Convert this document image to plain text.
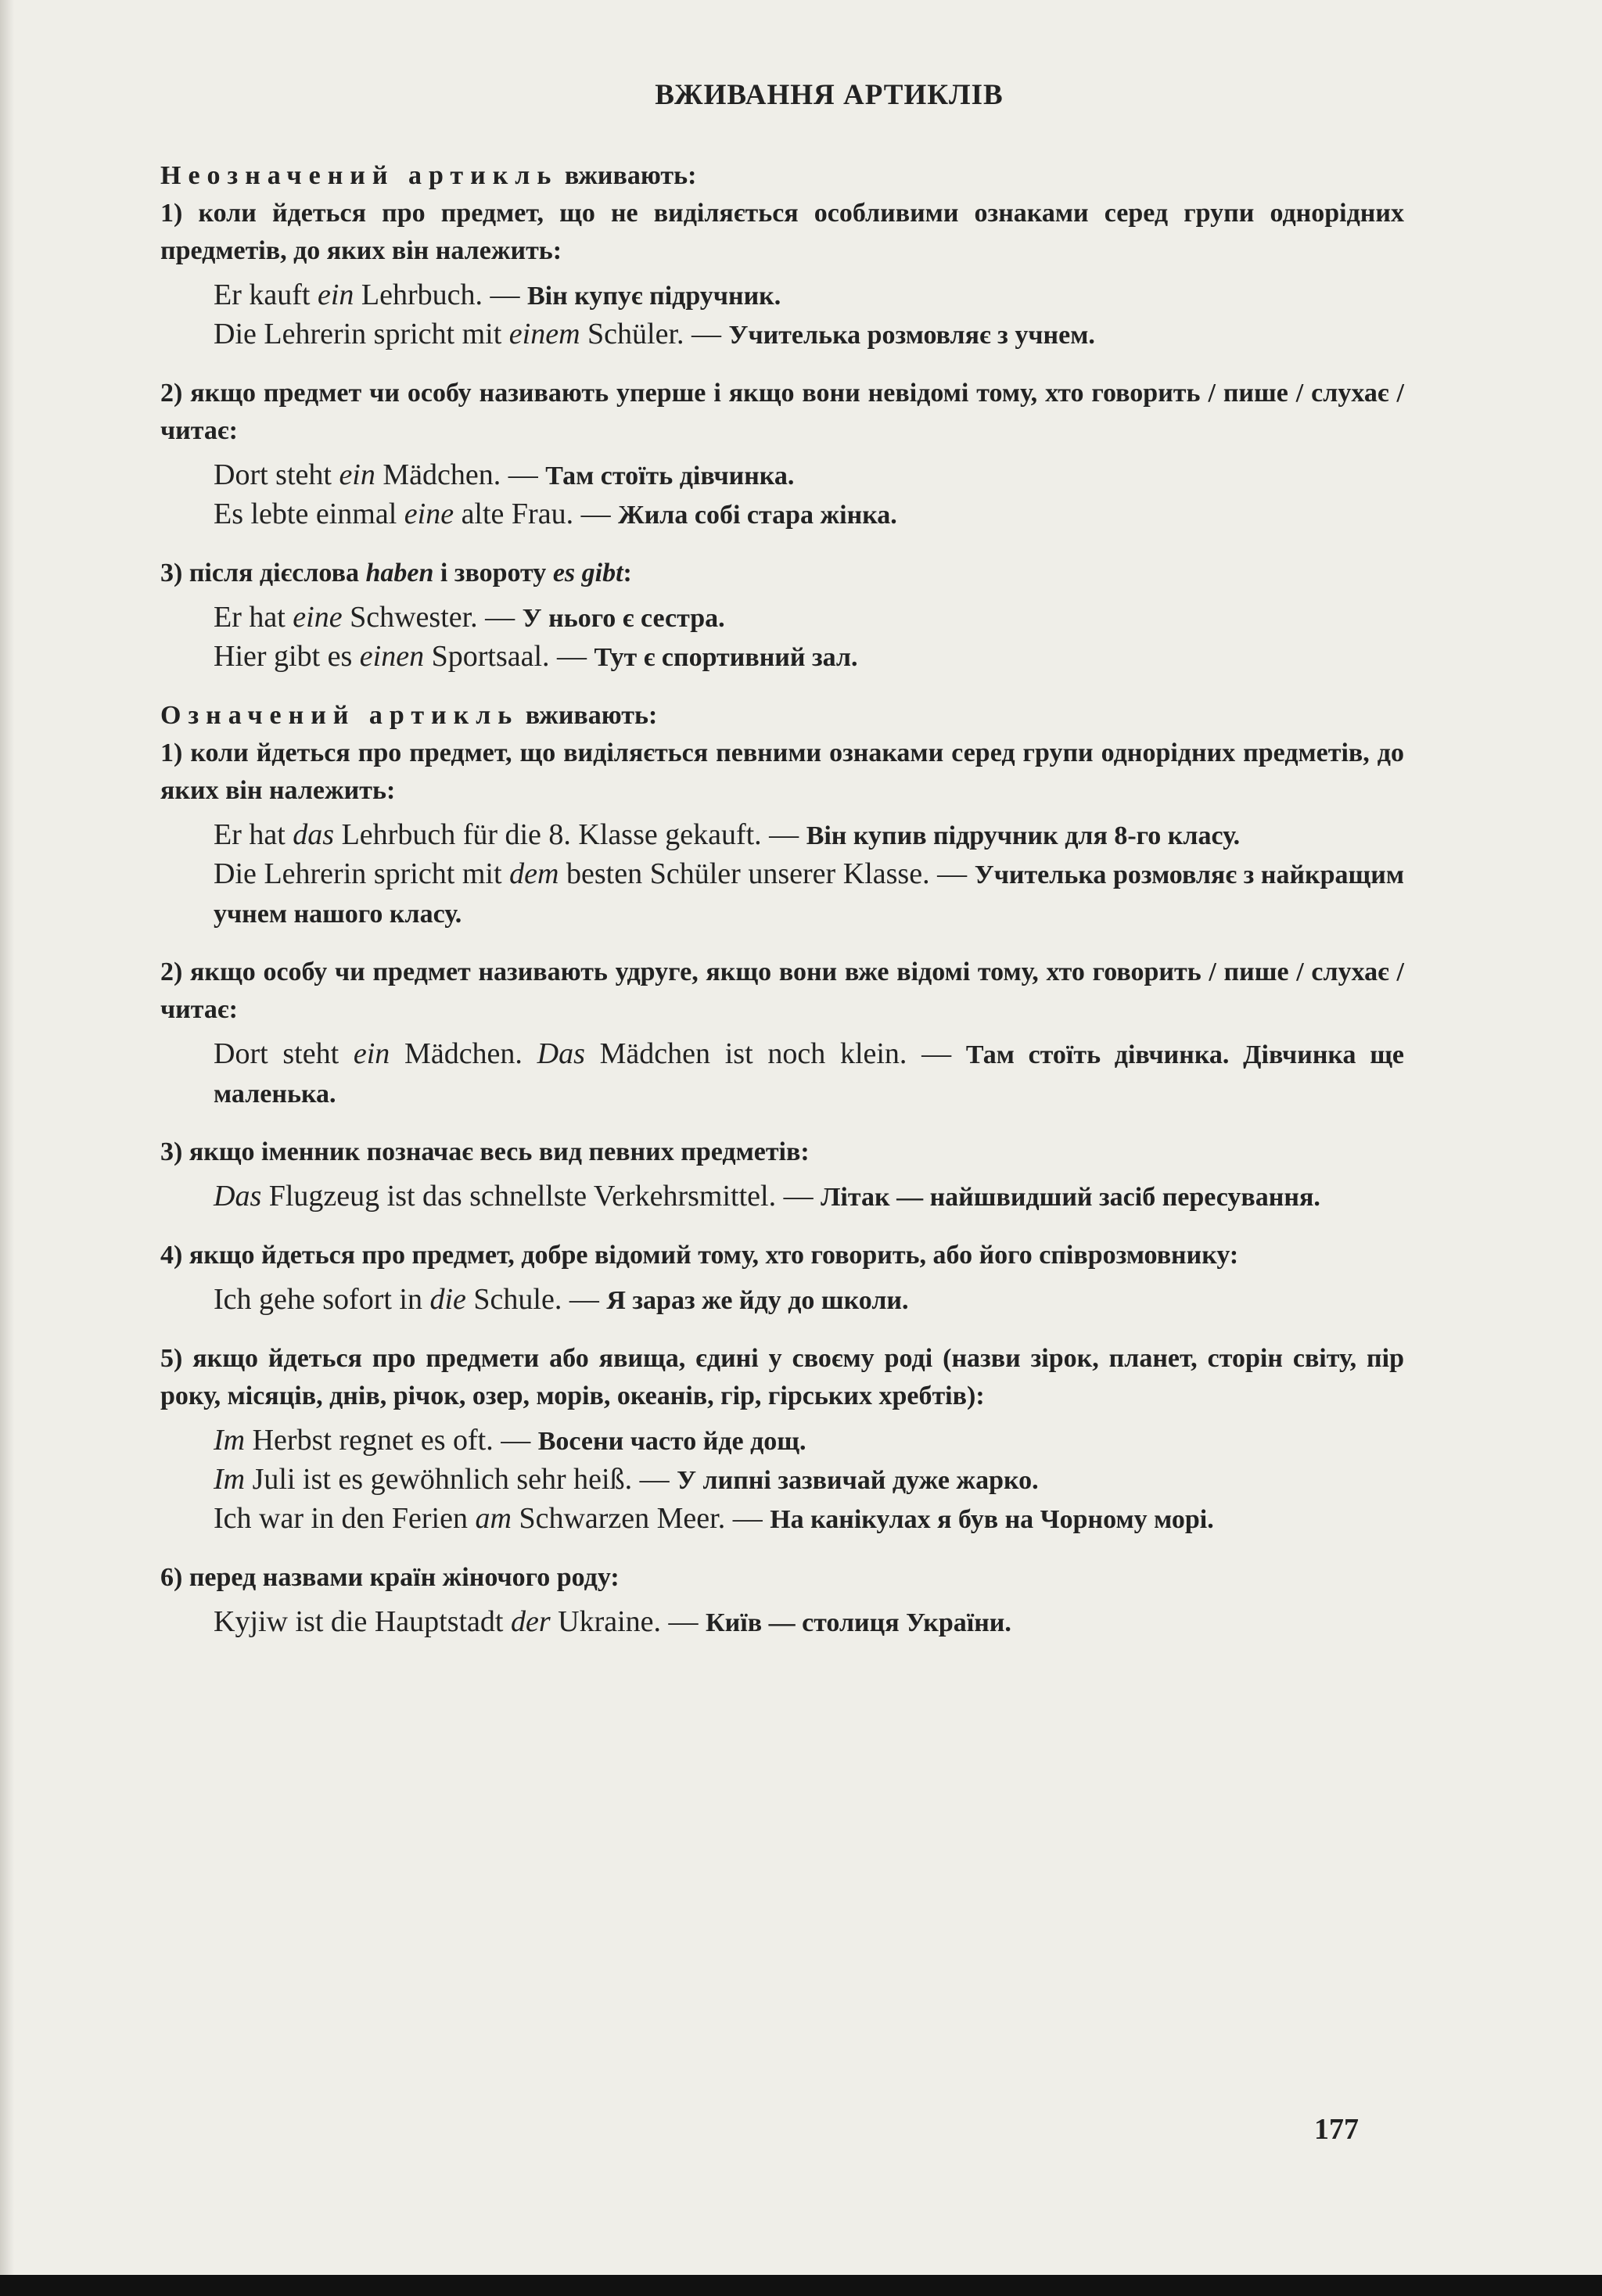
ВЖИВАННЯ АРТИКЛІВ

Неозначений артикль вживають:

1) коли йдеться про предмет, що не виділяється особливими ознаками серед групи однорідних предметів, до яких він належить:

Er kauft ein Lehrbuch. — Він купує підручник.

Die Lehrerin spricht mit einem Schüler. — Учителька розмовляє з учнем.

2) якщо предмет чи особу називають уперше і якщо вони невідомі тому, хто говорить / пише / слухає / читає:

Dort steht ein Mädchen. — Там стоїть дівчинка.

Es lebte einmal eine alte Frau. — Жила собі стара жінка.

3) після дієслова haben і звороту es gibt:

Er hat eine Schwester. — У нього є сестра.

Hier gibt es einen Sportsaal. — Тут є спортивний зал.

Означений артикль вживають:

1) коли йдеться про предмет, що виділяється певними ознаками серед групи однорідних предметів, до яких він належить:

Er hat das Lehrbuch für die 8. Klasse gekauft. — Він купив підручник для 8-го класу.

Die Lehrerin spricht mit dem besten Schüler unserer Klasse. — Учителька розмовляє з найкращим учнем нашого класу.

2) якщо особу чи предмет називають удруге, якщо вони вже відомі тому, хто говорить / пише / слухає / читає:

Dort steht ein Mädchen. Das Mädchen ist noch klein. — Там стоїть дівчинка. Дівчинка ще маленька.

3) якщо іменник позначає весь вид певних предметів:

Das Flugzeug ist das schnellste Verkehrsmittel. — Літак — найшвидший засіб пересування.

4) якщо йдеться про предмет, добре відомий тому, хто говорить, або його співрозмовнику:

Ich gehe sofort in die Schule. — Я зараз же йду до школи.

5) якщо йдеться про предмети або явища, єдині у своєму роді (назви зірок, планет, сторін світу, пір року, місяців, днів, річок, озер, морів, океанів, гір, гірських хребтів):

Im Herbst regnet es oft. — Восени часто йде дощ.

Im Juli ist es gewöhnlich sehr heiß. — У липні зазвичай дуже жарко.

Ich war in den Ferien am Schwarzen Meer. — На канікулах я був на Чорному морі.

6) перед назвами країн жіночого роду:

Kyjiw ist die Hauptstadt der Ukraine. — Київ — столиця України.

177
